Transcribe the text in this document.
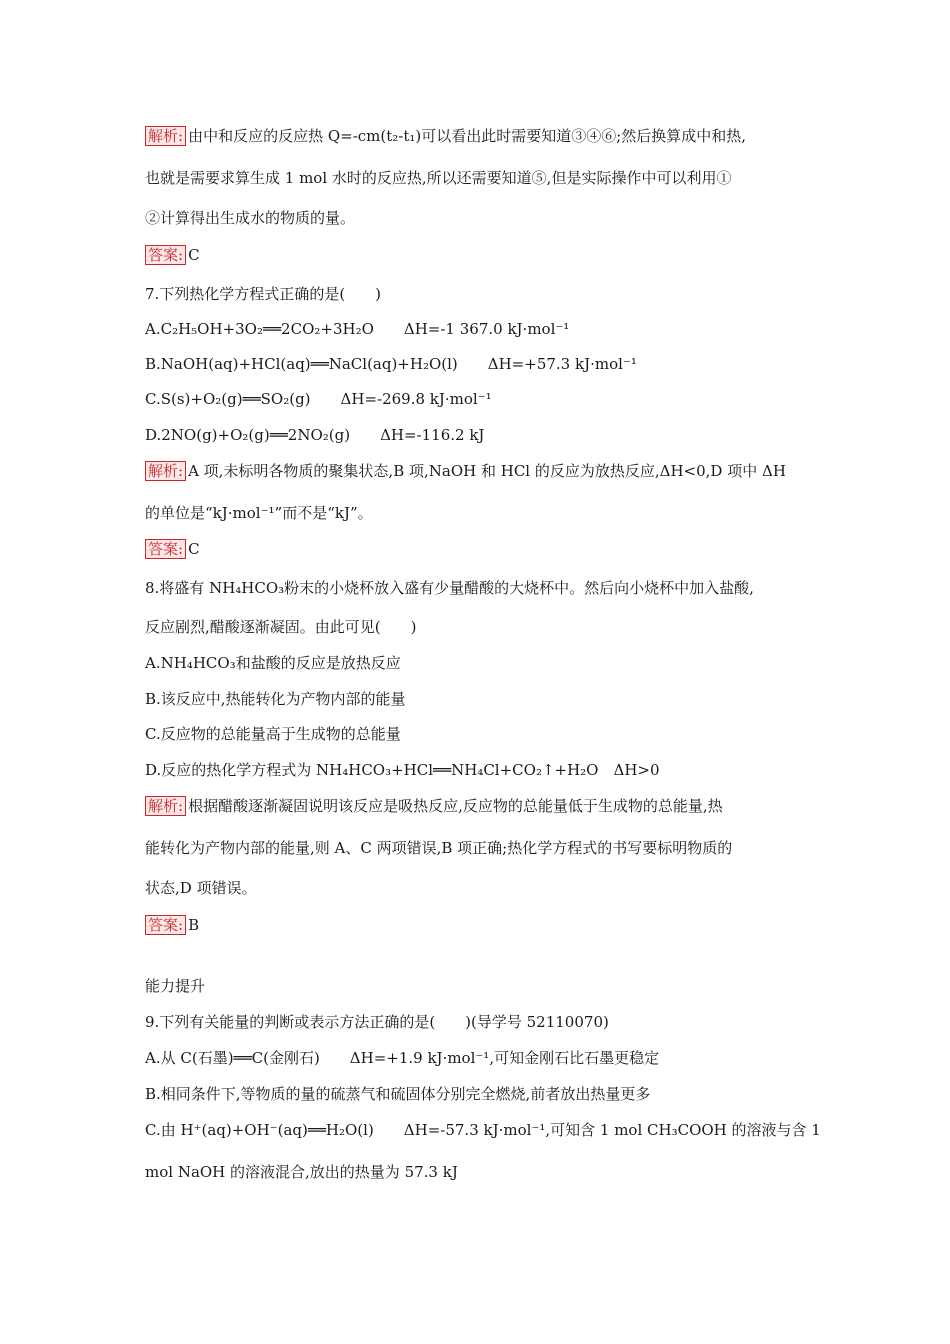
解析: 由中和反应的反应热 Q=-cm(t₂-t₁)可以看出此时需要知道③④⑥;然后换算成中和热,
也就是需要求算生成 1 mol 水时的反应热,所以还需要知道⑤,但是实际操作中可以利用①
②计算得出生成水的物质的量。
答案: C
7.下列热化学方程式正确的是(　　)
A.C₂H₅OH+3O₂══2CO₂+3H₂O　　ΔH=-1 367.0 kJ·mol⁻¹
B.NaOH(aq)+HCl(aq)══NaCl(aq)+H₂O(l)　　ΔH=+57.3 kJ·mol⁻¹
C.S(s)+O₂(g)══SO₂(g)　　ΔH=-269.8 kJ·mol⁻¹
D.2NO(g)+O₂(g)══2NO₂(g)　　ΔH=-116.2 kJ
解析: A 项,未标明各物质的聚集状态,B 项,NaOH 和 HCl 的反应为放热反应,ΔH<0,D 项中 ΔH
的单位是“kJ·mol⁻¹”而不是“kJ”。
答案: C
8.将盛有 NH₄HCO₃粉末的小烧杯放入盛有少量醋酸的大烧杯中。然后向小烧杯中加入盐酸,
反应剧烈,醋酸逐渐凝固。由此可见(　　)
A.NH₄HCO₃和盐酸的反应是放热反应
B.该反应中,热能转化为产物内部的能量
C.反应物的总能量高于生成物的总能量
D.反应的热化学方程式为 NH₄HCO₃+HCl══NH₄Cl+CO₂↑+H₂O　ΔH>0
解析: 根据醋酸逐渐凝固说明该反应是吸热反应,反应物的总能量低于生成物的总能量,热
能转化为产物内部的能量,则 A、C 两项错误,B 项正确;热化学方程式的书写要标明物质的
状态,D 项错误。
答案: B
能力提升
9.下列有关能量的判断或表示方法正确的是(　　)(导学号 52110070)
A.从 C(石墨)══C(金刚石)　　ΔH=+1.9 kJ·mol⁻¹,可知金刚石比石墨更稳定
B.相同条件下,等物质的量的硫蒸气和硫固体分别完全燃烧,前者放出热量更多
C.由 H⁺(aq)+OH⁻(aq)══H₂O(l)　　ΔH=-57.3 kJ·mol⁻¹,可知含 1 mol CH₃COOH 的溶液与含 1
mol NaOH 的溶液混合,放出的热量为 57.3 kJ
